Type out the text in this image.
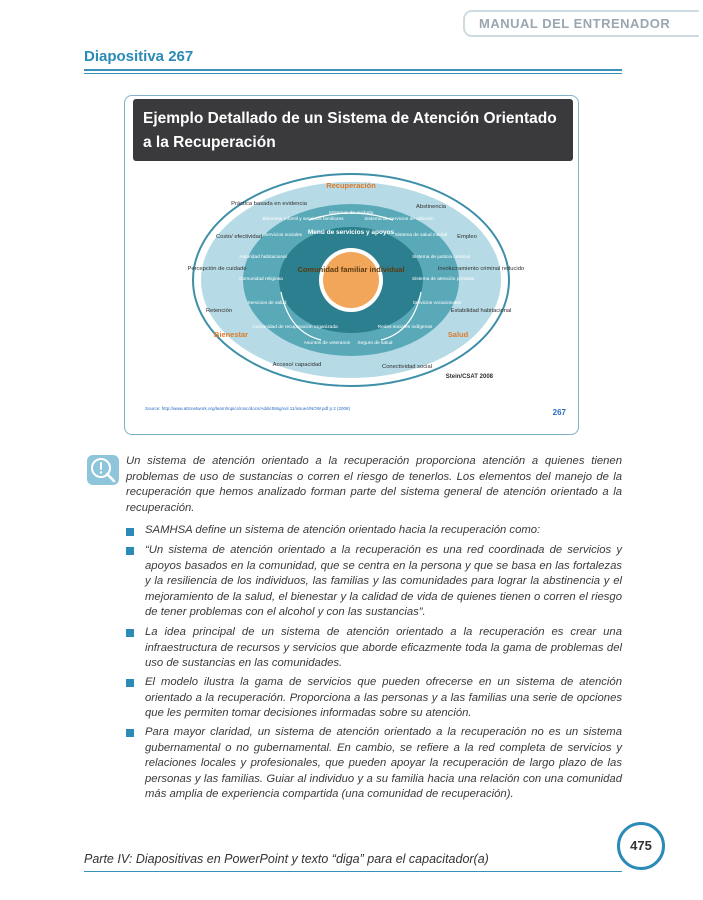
MANUAL DEL ENTRENADOR
Diapositiva 267
Ejemplo Detallado de un Sistema de Atención Orientado a la Recuperación
Comunidad familiar individual
Menú de servicios y apoyos
Recuperación
Bienestar	Salud
Práctica basada en evidencia	Abstinencia
Costo/ efectividad	Empleo
Percepción de cuidado	Involucramiento criminal reducido
Retención	Estabilidad habitacional
Acceso/ capacidad	Conectividad social
Stein/CSAT 2008
Sistemas de cuidado
Bienestar infantil y servicios familiares	Sistema de servicios de adicción
Servicios sociales	Sistema de salud mental
Autoridad habitacional	Sistema de justicia criminal
Comunidad religiosa	Sistema de atención primaria
Servicios de salud	Servicios vocacionales
Comunidad de recuperación organizada	Redes sociales indígenas
Asuntos de veteranos Seguro de salud
Source: http://www.attcnetwork.org/learn/topics/rosc/docs/AddictMsg/vol.11/issue4/NOW.pdf p.2 (2008)	267

Un sistema de atención orientado a la recuperación proporciona atención a quienes tienen problemas de uso de sustancias o corren el riesgo de tenerlos. Los elementos del manejo de la recuperación que hemos analizado forman parte del sistema general de atención orientado a la recuperación.

SAMHSA define un sistema de atención orientado hacia la recuperación como:

“Un sistema de atención orientado a la recuperación es una red coordinada de servicios y apoyos basados en la comunidad, que se centra en la persona y que se basa en las fortalezas y la resiliencia de los individuos, las familias y las comunidades para lograr la abstinencia y el mejoramiento de la salud, el bienestar y la calidad de vida de quienes tienen o corren el riesgo de tener problemas con el alcohol y con las sustancias”.

La idea principal de un sistema de atención orientado a la recuperación es crear una infraestructura de recursos y servicios que aborde eficazmente toda la gama de problemas del uso de sustancias en las comunidades.

El modelo ilustra la gama de servicios que pueden ofrecerse en un sistema de atención orientado a la recuperación. Proporciona a las personas y a las familias una serie de opciones que les permiten tomar decisiones informadas sobre su atención.

Para mayor claridad, un sistema de atención orientado a la recuperación no es un sistema gubernamental o no gubernamental. En cambio, se refiere a la red completa de servicios y relaciones locales y profesionales, que pueden apoyar la recuperación de largo plazo de las personas y las familias. Guiar al individuo y a su familia hacia una relación con una comunidad más amplia de experiencia compartida (una comunidad de recuperación).

Parte IV: Diapositivas en PowerPoint y texto “diga” para el capacitador(a)
475
